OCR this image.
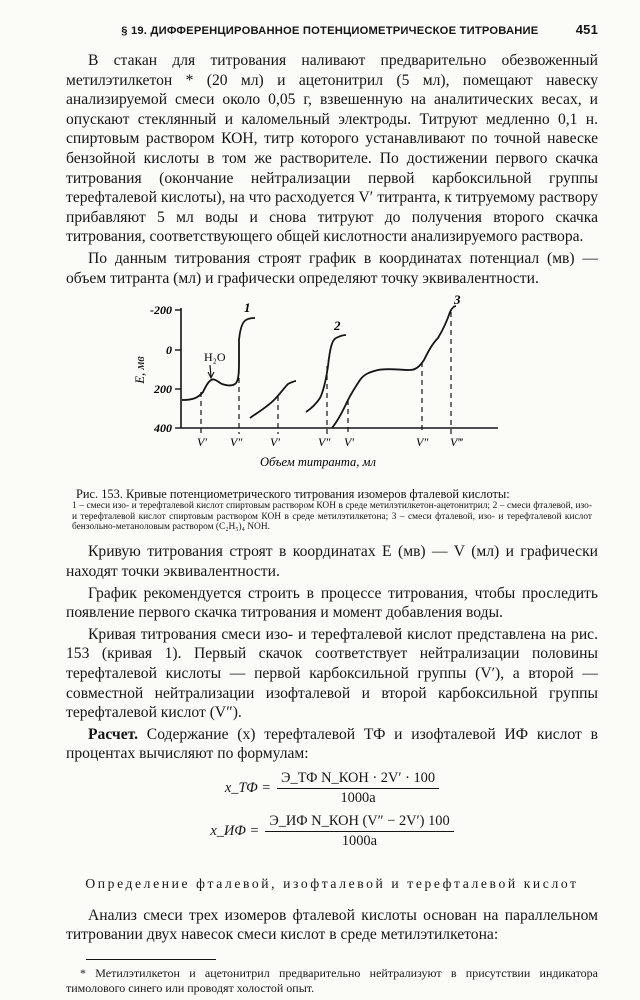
§ 19. ДИФФЕРЕНЦИРОВАННОЕ ПОТЕНЦИОМЕТРИЧЕСКОЕ ТИТРОВАНИЕ	451

В стакан для титрования наливают предварительно обезвоженный метилэтилкетон * (20 мл) и ацетонитрил (5 мл), помещают навеску анализируемой смеси около 0,05 г, взвешенную на аналитических весах, и опускают стеклянный и каломельный электроды. Титруют медленно 0,1 н. спиртовым раствором КОН, титр которого устанавливают по точной навеске бензойной кислоты в том же растворителе. По достижении первого скачка титрования (окончание нейтрализации первой карбоксильной группы терефталевой кислоты), на что расходуется V′ титранта, к титруемому раствору прибавляют 5 мл воды и снова титруют до получения второго скачка титрования, соответствующего общей кислотности анализируемого раствора.

По данным титрования строят график в координатах потенциал (мв) — объем титранта (мл) и графически определяют точку эквивалентности.

-200
0
200
400
E, мв	H₂O
1
2
3
V′ V″ V′	V″ V′	V″ V‴
Объем титранта, мл
Рис. 153. Кривые потенциометрического титрования изомеров фталевой кислоты:
1 – смеси изо- и терефталевой кислот спиртовым раствором КОН в среде метилэтилкетон-ацетонитрил; 2 – смеси фталевой, изо- и терефталевой кислот спиртовым раствором КОН в среде метилэтилкетона; 3 – смеси фталевой, изо- и терефталевой кислот бензольно-метаноловым раствором (C₂H₅)₄ NOH.

Кривую титрования строят в координатах E (мв) — V (мл) и графически находят точки эквивалентности.

График рекомендуется строить в процессе титрования, чтобы проследить появление первого скачка титрования и момент добавления воды.

Кривая титрования смеси изо- и терефталевой кислот представлена на рис. 153 (кривая 1). Первый скачок соответствует нейтрализации половины терефталевой кислоты — первой карбоксильной группы (V′), а второй — совместной нейтрализации изофталевой и второй карбоксильной группы терефталевой кислот (V″).

Расчет. Содержание (x) терефталевой ТФ и изофталевой ИФ кислот в процентах вычисляют по формулам:

x_ТФ = $\frac{\text{Э\_ТФ N\_КОН · 2V′ · 100}}{1000a}$
x_ИФ = $\frac{\text{Э\_ИФ N\_КОН (V″ − 2V′) 100}}{1000a}$
Определение фталевой, изофталевой и терефталевой кислот

Анализ смеси трех изомеров фталевой кислоты основан на параллельном титровании двух навесок смеси кислот в среде метилэтилкетона:

* Метилэтилкетон и ацетонитрил предварительно нейтрализуют в присутствии индикатора тимолового синего или проводят холостой опыт.
